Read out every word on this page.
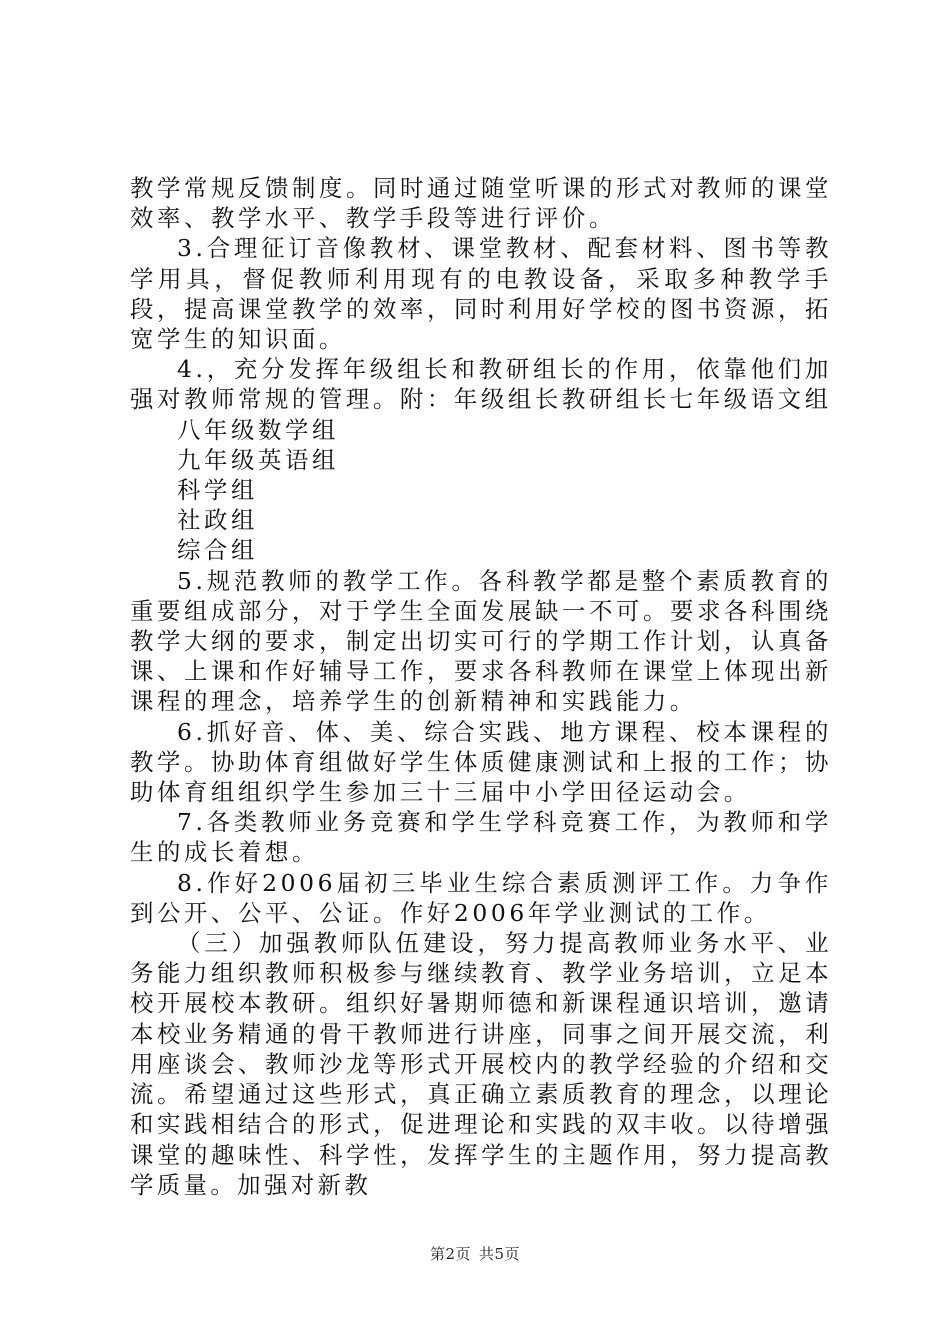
教学常规反馈制度。同时通过随堂听课的形式对教师的课堂效率、教学水平、教学手段等进行评价。

3.合理征订音像教材、课堂教材、配套材料、图书等教学用具，督促教师利用现有的电教设备，采取多种教学手段，提高课堂教学的效率，同时利用好学校的图书资源，拓宽学生的知识面。

4.，充分发挥年级组长和教研组长的作用，依靠他们加强对教师常规的管理。附：年级组长教研组长七年级语文组

八年级数学组

九年级英语组

科学组

社政组

综合组

5.规范教师的教学工作。各科教学都是整个素质教育的重要组成部分，对于学生全面发展缺一不可。要求各科围绕教学大纲的要求，制定出切实可行的学期工作计划，认真备课、上课和作好辅导工作，要求各科教师在课堂上体现出新课程的理念，培养学生的创新精神和实践能力。

6.抓好音、体、美、综合实践、地方课程、校本课程的教学。协助体育组做好学生体质健康测试和上报的工作；协助体育组组织学生参加三十三届中小学田径运动会。

7.各类教师业务竞赛和学生学科竞赛工作，为教师和学生的成长着想。

8.作好2006届初三毕业生综合素质测评工作。力争作到公开、公平、公证。作好2006年学业测试的工作。

（三）加强教师队伍建设，努力提高教师业务水平、业务能力组织教师积极参与继续教育、教学业务培训，立足本校开展校本教研。组织好暑期师德和新课程通识培训，邀请本校业务精通的骨干教师进行讲座，同事之间开展交流，利用座谈会、教师沙龙等形式开展校内的教学经验的介绍和交流。希望通过这些形式，真正确立素质教育的理念，以理论和实践相结合的形式，促进理论和实践的双丰收。以待增强课堂的趣味性、科学性，发挥学生的主题作用，努力提高教学质量。加强对新教

第2页 共5页
